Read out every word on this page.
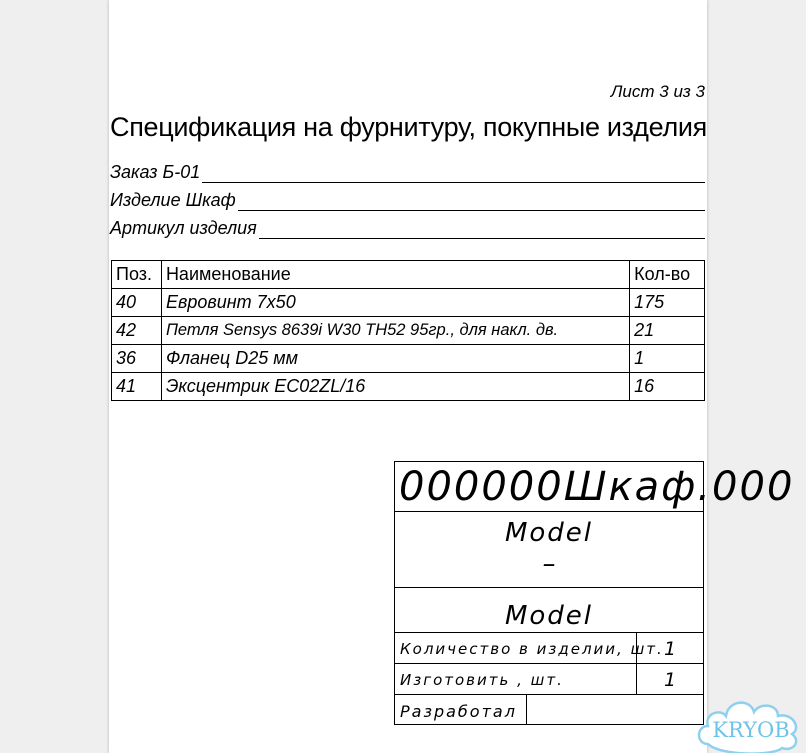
Лист 3 из 3
Спецификация на фурнитуру, покупные изделия
Заказ Б-01
Изделие Шкаф
Артикул изделия
Поз.	Наименование	Кол-во
40	Евровинт 7х50	175
42	Петля Sensys 8639i W30 TH52 95гр., для накл. дв.	21
36	Фланец D25 мм	1
41	Эксцентрик EC02ZL/16	16
000000Шкаф.000
Model
–
Model
Количество в изделии, шт. 1
Изготовить , шт.	1
Разработал
KRYOB
